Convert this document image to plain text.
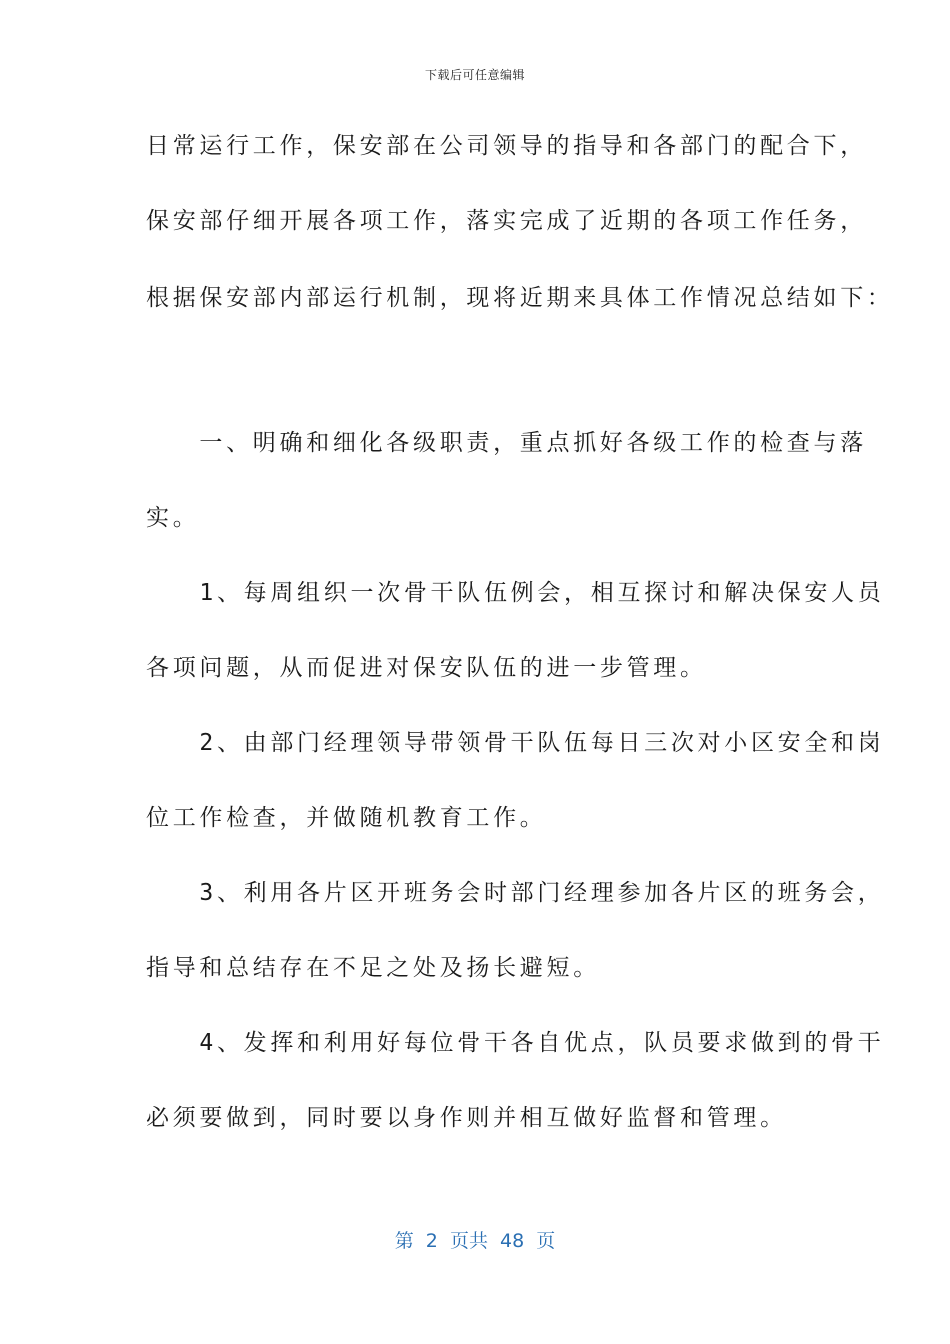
下载后可任意编辑
日常运行工作，保安部在公司领导的指导和各部门的配合下，
保安部仔细开展各项工作，落实完成了近期的各项工作任务，
根据保安部内部运行机制，现将近期来具体工作情况总结如下：
　　一、明确和细化各级职责，重点抓好各级工作的检查与落
实。
　　1、每周组织一次骨干队伍例会，相互探讨和解决保安人员
各项问题，从而促进对保安队伍的进一步管理。
　　2、由部门经理领导带领骨干队伍每日三次对小区安全和岗
位工作检查，并做随机教育工作。
　　3、利用各片区开班务会时部门经理参加各片区的班务会，
指导和总结存在不足之处及扬长避短。
　　4、发挥和利用好每位骨干各自优点，队员要求做到的骨干
必须要做到，同时要以身作则并相互做好监督和管理。
第  2  页共  48  页
